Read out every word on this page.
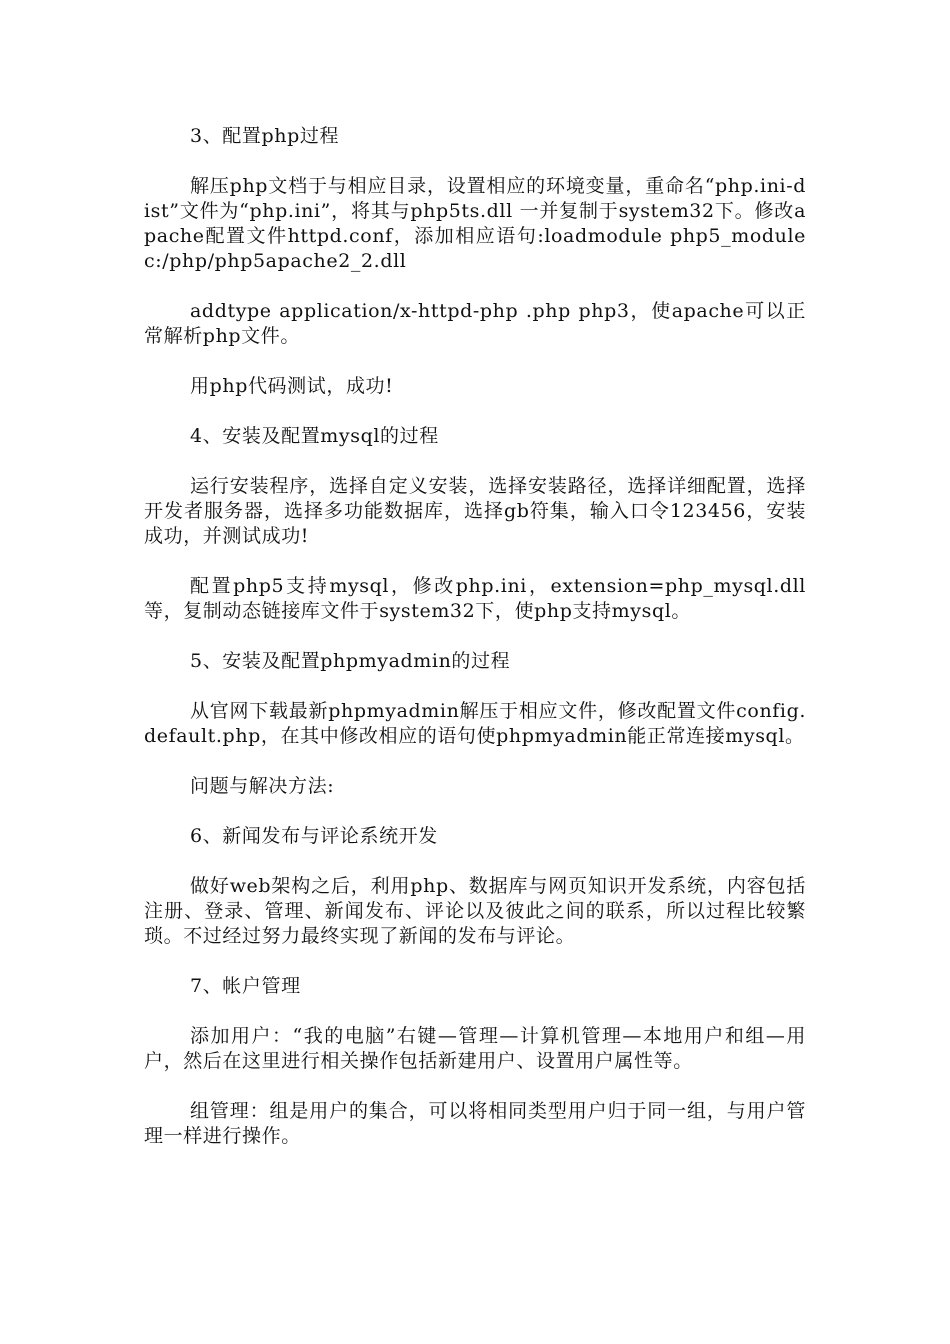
3、配置php过程

解压php文档于与相应目录，设置相应的环境变量，重命名“php.ini-dist”文件为“php.ini”，将其与php5ts.dll 一并复制于system32下。修改apache配置文件httpd.conf，添加相应语句:loadmodule php5_module c:/php/php5apache2_2.dll

addtype application/x-httpd-php .php php3，使apache可以正常解析php文件。

用php代码测试，成功!

4、安装及配置mysql的过程

运行安装程序，选择自定义安装，选择安装路径，选择详细配置，选择开发者服务器，选择多功能数据库，选择gb符集，输入口令123456，安装成功，并测试成功!

配置php5支持mysql，修改php.ini，extension=php_mysql.dll等，复制动态链接库文件于system32下，使php支持mysql。

5、安装及配置phpmyadmin的过程

从官网下载最新phpmyadmin解压于相应文件，修改配置文件config.default.php，在其中修改相应的语句使phpmyadmin能正常连接mysql。

问题与解决方法:

6、新闻发布与评论系统开发

做好web架构之后，利用php、数据库与网页知识开发系统，内容包括注册、登录、管理、新闻发布、评论以及彼此之间的联系，所以过程比较繁琐。不过经过努力最终实现了新闻的发布与评论。

7、帐户管理

添加用户：“我的电脑”右键—管理—计算机管理—本地用户和组—用户，然后在这里进行相关操作包括新建用户、设置用户属性等。

组管理：组是用户的集合，可以将相同类型用户归于同一组，与用户管理一样进行操作。
